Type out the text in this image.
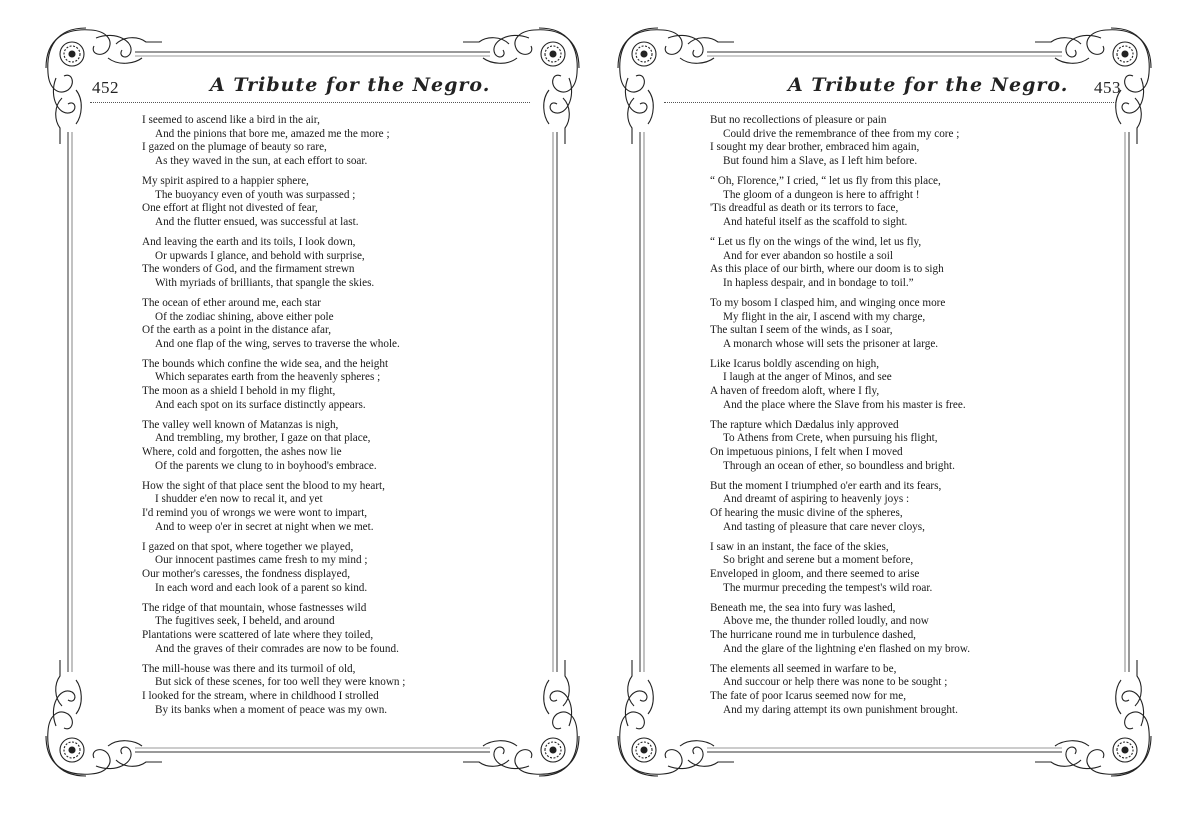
452	A Tribute for the Negro.
I seemed to ascend like a bird in the air,
And the pinions that bore me, amazed me the more ;
I gazed on the plumage of beauty so rare,
As they waved in the sun, at each effort to soar.
My spirit aspired to a happier sphere,
The buoyancy even of youth was surpassed ;
One effort at flight not divested of fear,
And the flutter ensued, was successful at last.
And leaving the earth and its toils, I look down,
Or upwards I glance, and behold with surprise,
The wonders of God, and the firmament strewn
With myriads of brilliants, that spangle the skies.
The ocean of ether around me, each star
Of the zodiac shining, above either pole
Of the earth as a point in the distance afar,
And one flap of the wing, serves to traverse the whole.
The bounds which confine the wide sea, and the height
Which separates earth from the heavenly spheres ;
The moon as a shield I behold in my flight,
And each spot on its surface distinctly appears.
The valley well known of Matanzas is nigh,
And trembling, my brother, I gaze on that place,
Where, cold and forgotten, the ashes now lie
Of the parents we clung to in boyhood's embrace.
How the sight of that place sent the blood to my heart,
I shudder e'en now to recal it, and yet
I'd remind you of wrongs we were wont to impart,
And to weep o'er in secret at night when we met.
I gazed on that spot, where together we played,
Our innocent pastimes came fresh to my mind ;
Our mother's caresses, the fondness displayed,
In each word and each look of a parent so kind.
The ridge of that mountain, whose fastnesses wild
The fugitives seek, I beheld, and around
Plantations were scattered of late where they toiled,
And the graves of their comrades are now to be found.
The mill-house was there and its turmoil of old,
But sick of these scenes, for too well they were known ;
I looked for the stream, where in childhood I strolled
By its banks when a moment of peace was my own.
453
A Tribute for the Negro.
But no recollections of pleasure or pain
Could drive the remembrance of thee from my core ;
I sought my dear brother, embraced him again,
But found him a Slave, as I left him before.
“ Oh, Florence,” I cried, “ let us fly from this place,
The gloom of a dungeon is here to affright !
'Tis dreadful as death or its terrors to face,
And hateful itself as the scaffold to sight.
“ Let us fly on the wings of the wind, let us fly,
And for ever abandon so hostile a soil
As this place of our birth, where our doom is to sigh
In hapless despair, and in bondage to toil.”
To my bosom I clasped him, and winging once more
My flight in the air, I ascend with my charge,
The sultan I seem of the winds, as I soar,
A monarch whose will sets the prisoner at large.
Like Icarus boldly ascending on high,
I laugh at the anger of Minos, and see
A haven of freedom aloft, where I fly,
And the place where the Slave from his master is free.
The rapture which Dædalus inly approved
To Athens from Crete, when pursuing his flight,
On impetuous pinions, I felt when I moved
Through an ocean of ether, so boundless and bright.
But the moment I triumphed o'er earth and its fears,
And dreamt of aspiring to heavenly joys :
Of hearing the music divine of the spheres,
And tasting of pleasure that care never cloys,
I saw in an instant, the face of the skies,
So bright and serene but a moment before,
Enveloped in gloom, and there seemed to arise
The murmur preceding the tempest's wild roar.
Beneath me, the sea into fury was lashed,
Above me, the thunder rolled loudly, and now
The hurricane round me in turbulence dashed,
And the glare of the lightning e'en flashed on my brow.
The elements all seemed in warfare to be,
And succour or help there was none to be sought ;
The fate of poor Icarus seemed now for me,
And my daring attempt its own punishment brought.
